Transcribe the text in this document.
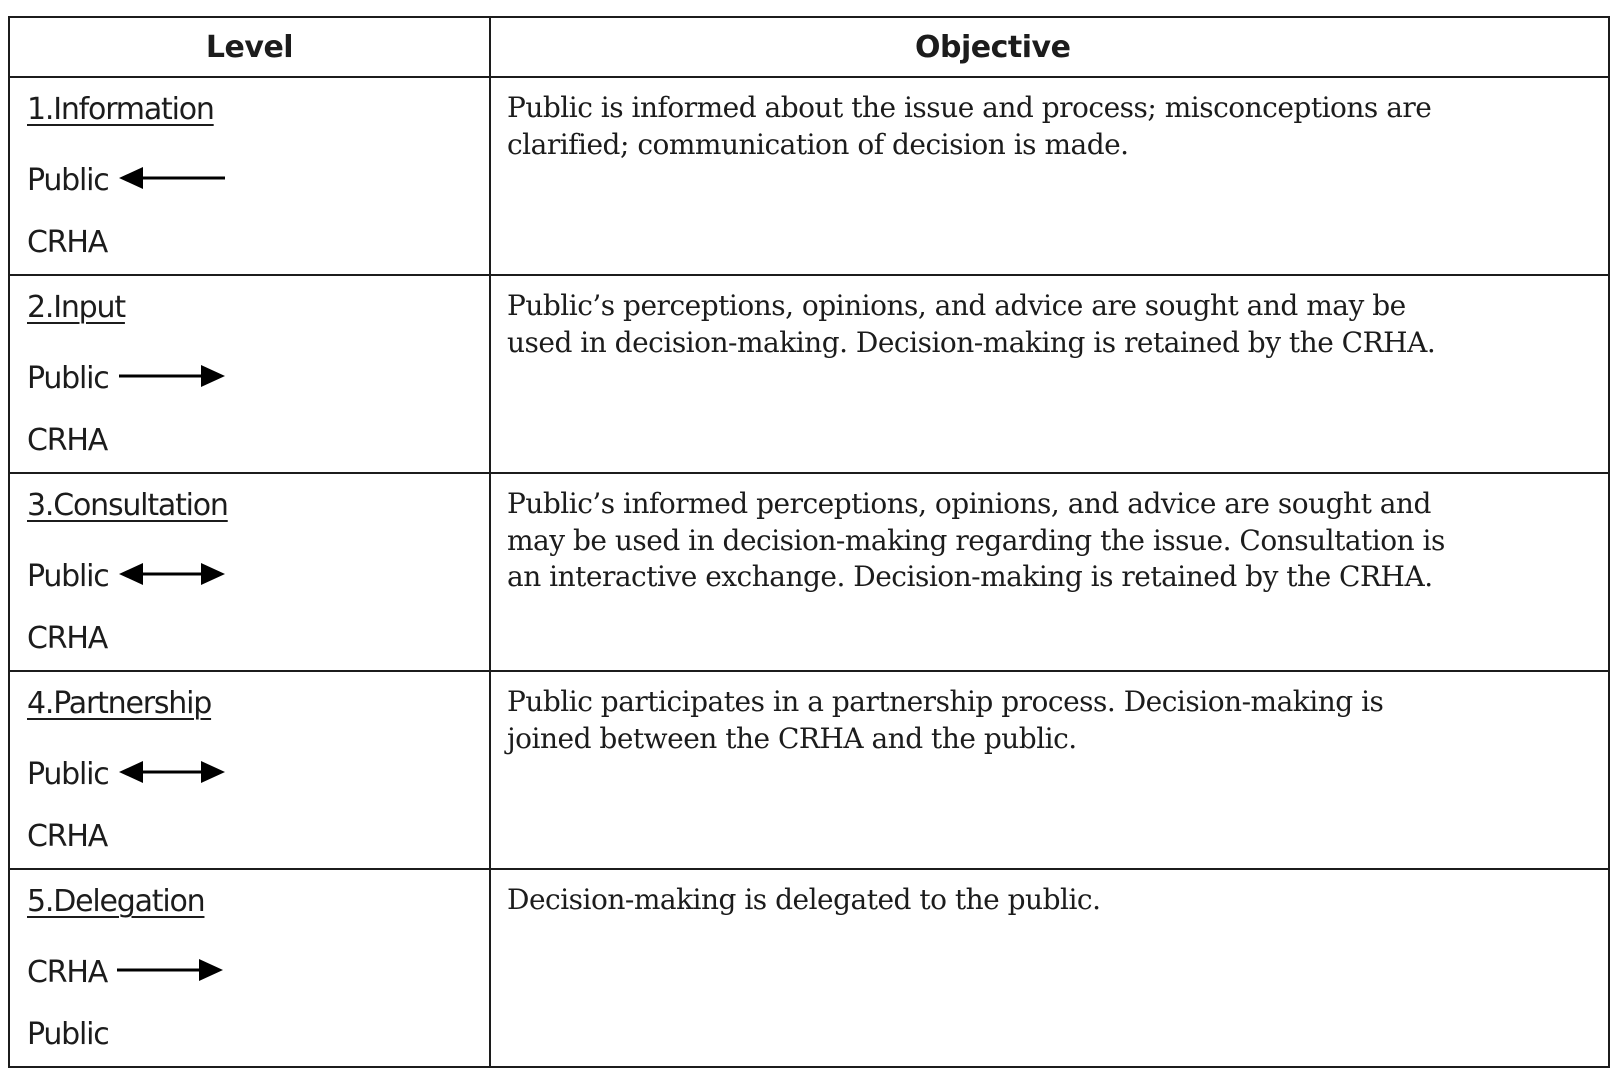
Level	Objective

1.Information
Public
CRHA	Public is informed about the issue and process; misconceptions are
clarified; communication of decision is made.

2.Input
Public
CRHA	Public’s perceptions, opinions, and advice are sought and may be
used in decision-making. Decision-making is retained by the CRHA.

3.Consultation
Public
CRHA	Public’s informed perceptions, opinions, and advice are sought and
may be used in decision-making regarding the issue. Consultation is
an interactive exchange. Decision-making is retained by the CRHA.

4.Partnership
Public
CRHA	Public participates in a partnership process. Decision-making is
joined between the CRHA and the public.

5.Delegation
CRHA
Public	Decision-making is delegated to the public.
